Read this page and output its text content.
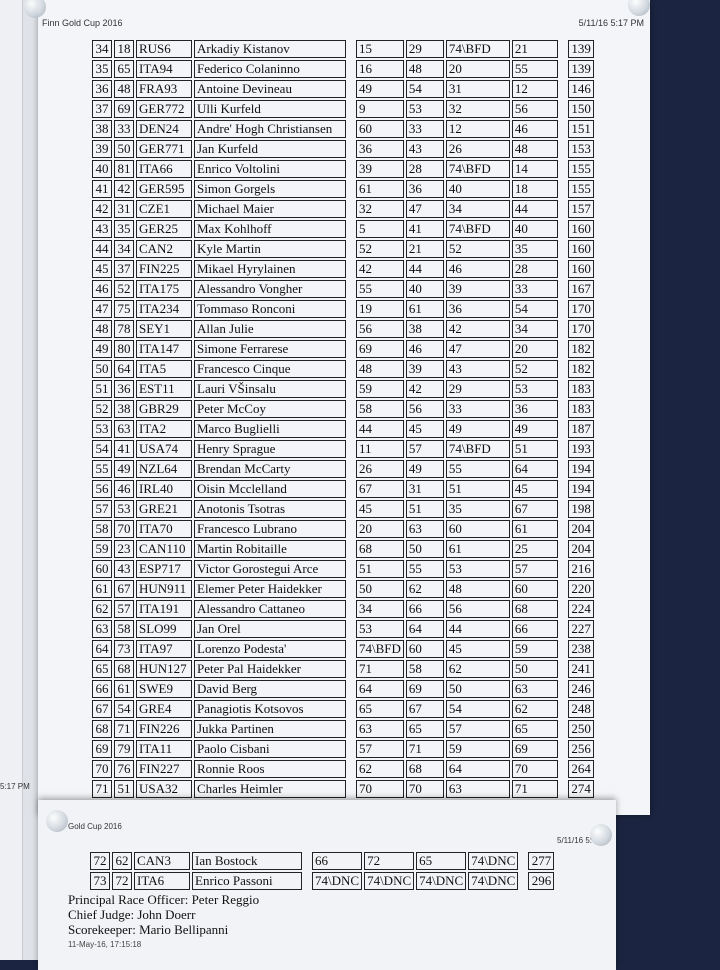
5:17 PM
Finn Gold Cup 2016	5/11/16 5:17 PM
34	18	RUS6	Arkadiy Kistanov		15	29	74\BFD	21		139
35	65	ITA94	Federico Colaninno		16	48	20	55		139
36	48	FRA93	Antoine Devineau		49	54	31	12		146
37	69	GER772	Ulli Kurfeld		9	53	32	56		150
38	33	DEN24	Andre' Hogh Christiansen		60	33	12	46		151
39	50	GER771	Jan Kurfeld		36	43	26	48		153
40	81	ITA66	Enrico Voltolini		39	28	74\BFD	14		155
41	42	GER595	Simon Gorgels		61	36	40	18		155
42	31	CZE1	Michael Maier		32	47	34	44		157
43	35	GER25	Max Kohlhoff		5	41	74\BFD	40		160
44	34	CAN2	Kyle Martin		52	21	52	35		160
45	37	FIN225	Mikael Hyrylainen		42	44	46	28		160
46	52	ITA175	Alessandro Vongher		55	40	39	33		167
47	75	ITA234	Tommaso Ronconi		19	61	36	54		170
48	78	SEY1	Allan Julie		56	38	42	34		170
49	80	ITA147	Simone Ferrarese		69	46	47	20		182
50	64	ITA5	Francesco Cinque		48	39	43	52		182
51	36	EST11	Lauri VŠinsalu		59	42	29	53		183
52	38	GBR29	Peter McCoy		58	56	33	36		183
53	63	ITA2	Marco Buglielli		44	45	49	49		187
54	41	USA74	Henry Sprague		11	57	74\BFD	51		193
55	49	NZL64	Brendan McCarty		26	49	55	64		194
56	46	IRL40	Oisin Mcclelland		67	31	51	45		194
57	53	GRE21	Anotonis Tsotras		45	51	35	67		198
58	70	ITA70	Francesco Lubrano		20	63	60	61		204
59	23	CAN110	Martin Robitaille		68	50	61	25		204
60	43	ESP717	Victor Gorostegui Arce		51	55	53	57		216
61	67	HUN911	Elemer Peter Haidekker		50	62	48	60		220
62	57	ITA191	Alessandro Cattaneo		34	66	56	68		224
63	58	SLO99	Jan Orel		53	64	44	66		227
64	73	ITA97	Lorenzo Podesta'		74\BFD	60	45	59		238
65	68	HUN127	Peter Pal Haidekker		71	58	62	50		241
66	61	SWE9	David Berg		64	69	50	63		246
67	54	GRE4	Panagiotis Kotsovos		65	67	54	62		248
68	71	FIN226	Jukka Partinen		63	65	57	65		250
69	79	ITA11	Paolo Cisbani		57	71	59	69		256
70	76	FIN227	Ronnie Roos		62	68	64	70		264
71	51	USA32	Charles Heimler		70	70	63	71		274
Gold Cup 2016
5/11/16 5:
72	62	CAN3	Ian Bostock		66	72	65	74\DNC		277
73	72	ITA6	Enrico Passoni		74\DNC	74\DNC	74\DNC	74\DNC		296
Principal Race Officer: Peter Reggio
Chief Judge: John Doerr
Scorekeeper: Mario Bellipanni
11-May-16, 17:15:18
